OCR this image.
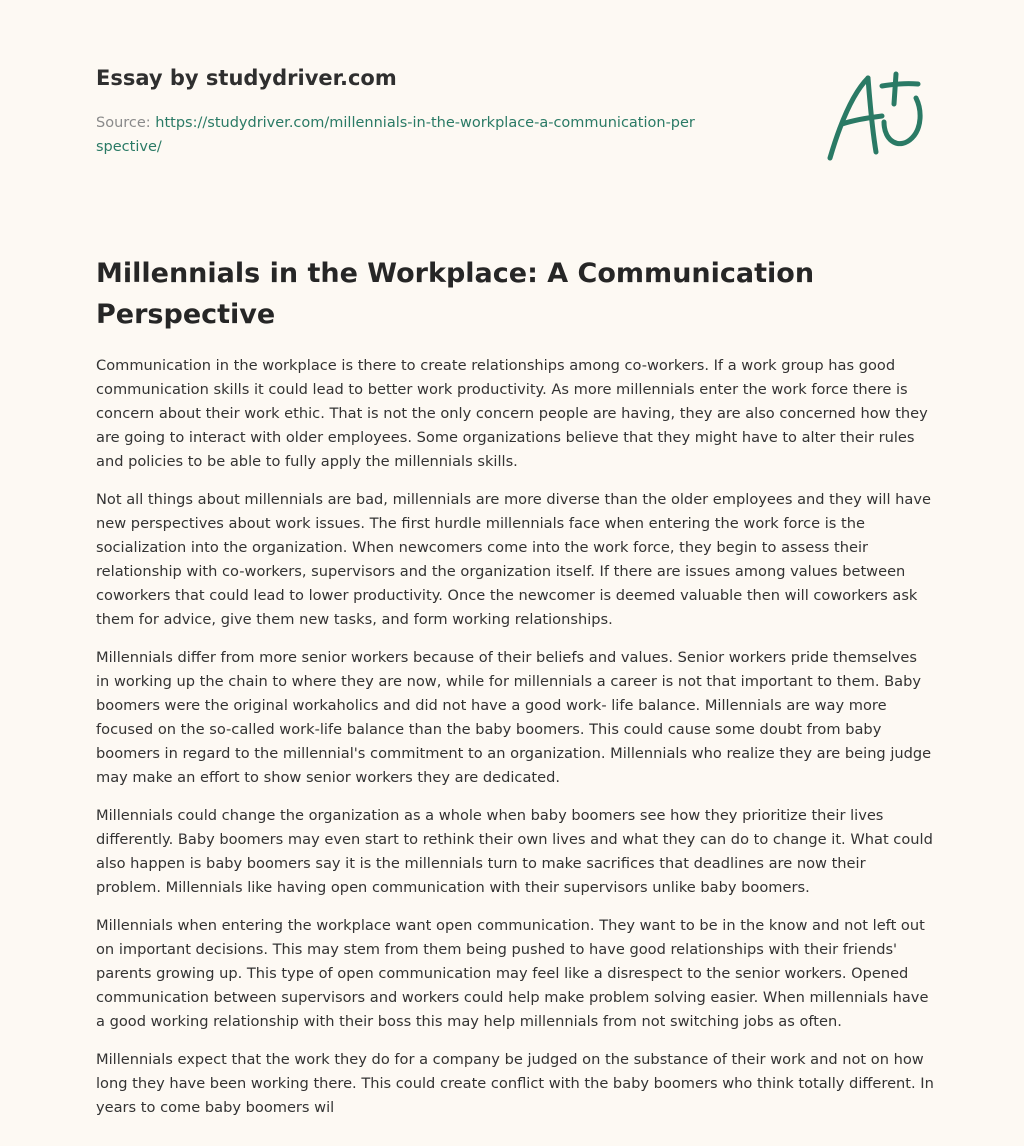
Essay by studydriver.com

Source: https://studydriver.com/millennials-in-the-workplace-a-communication-perspective/

Millennials in the Workplace: A Communication Perspective

Communication in the workplace is there to create relationships among co-workers. If a work group has good communication skills it could lead to better work productivity. As more millennials enter the work force there is concern about their work ethic. That is not the only concern people are having, they are also concerned how they are going to interact with older employees. Some organizations believe that they might have to alter their rules and policies to be able to fully apply the millennials skills.

Not all things about millennials are bad, millennials are more diverse than the older employees and they will have new perspectives about work issues. The first hurdle millennials face when entering the work force is the socialization into the organization. When newcomers come into the work force, they begin to assess their relationship with co-workers, supervisors and the organization itself. If there are issues among values between coworkers that could lead to lower productivity. Once the newcomer is deemed valuable then will coworkers ask them for advice, give them new tasks, and form working relationships.

Millennials differ from more senior workers because of their beliefs and values. Senior workers pride themselves in working up the chain to where they are now, while for millennials a career is not that important to them. Baby boomers were the original workaholics and did not have a good work- life balance. Millennials are way more focused on the so-called work-life balance than the baby boomers. This could cause some doubt from baby boomers in regard to the millennial's commitment to an organization. Millennials who realize they are being judge may make an effort to show senior workers they are dedicated.

Millennials could change the organization as a whole when baby boomers see how they prioritize their lives differently. Baby boomers may even start to rethink their own lives and what they can do to change it. What could also happen is baby boomers say it is the millennials turn to make sacrifices that deadlines are now their problem. Millennials like having open communication with their supervisors unlike baby boomers.

Millennials when entering the workplace want open communication. They want to be in the know and not left out on important decisions. This may stem from them being pushed to have good relationships with their friends' parents growing up. This type of open communication may feel like a disrespect to the senior workers. Opened communication between supervisors and workers could help make problem solving easier. When millennials have a good working relationship with their boss this may help millennials from not switching jobs as often.

Millennials expect that the work they do for a company be judged on the substance of their work and not on how long they have been working there. This could create conflict with the baby boomers who think totally different. In years to come baby boomers wil
